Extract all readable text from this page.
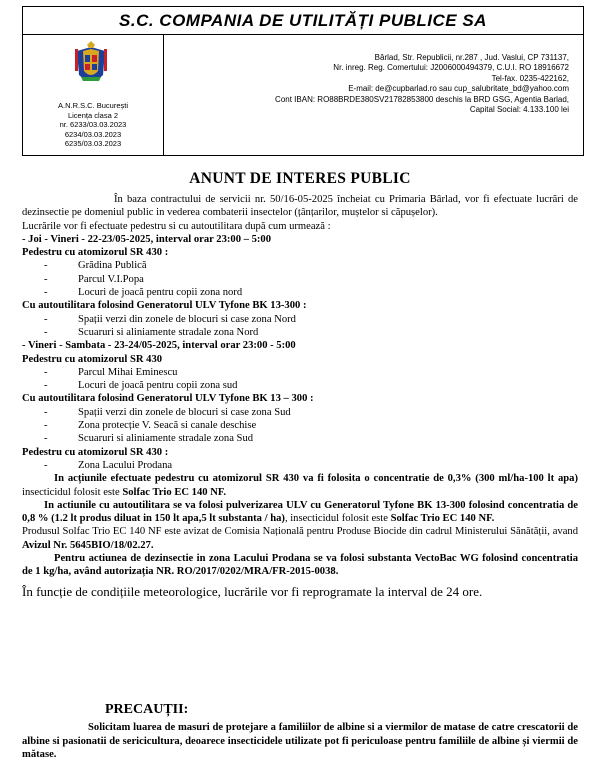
S.C. COMPANIA DE UTILITĂȚI PUBLICE SA
A.N.R.S.C. București
Licența clasa 2
nr. 6233/03.03.2023
6234/03.03.2023
6235/03.03.2023
Bârlad, Str. Republicii, nr.287 , Jud. Vaslui, CP 731137,
Nr. inreg. Reg. Comertului: J2006000494379, C.U.I. RO 18916672
Tel-fax. 0235-422162,
E-mail: de@cupbarlad.ro sau cup_salubritate_bd@yahoo.com
Cont IBAN: RO88BRDE380SV21782853800 deschis la BRD GSG, Agentia Barlad,
Capital Social: 4.133.100 lei
ANUNT DE INTERES PUBLIC

În baza contractului de servicii nr. 50/16-05-2025 încheiat cu Primaria Bârlad, vor fi efectuate lucrări de dezinsectie pe domeniul public in vederea combaterii insectelor (țânțarilor, muștelor si căpușelor).

Lucrările vor fi efectuate pedestru si cu autoutilitara după cum urmează :

- Joi - Vineri - 22-23/05-2025, interval orar 23:00 – 5:00

Pedestru cu atomizorul SR 430 :

-	Grădina Publică
-	Parcul V.I.Popa
-	Locuri de joacă pentru copii zona nord

Cu autoutilitara folosind Generatorul ULV Tyfone BK 13-300 :

-	Spații verzi din zonele de blocuri si case zona Nord
-	Scuaruri si aliniamente stradale zona Nord

- Vineri - Sambata - 23-24/05-2025, interval orar 23:00 - 5:00

Pedestru cu atomizorul SR 430

-	Parcul Mihai Eminescu
-	Locuri de joacă pentru copii zona sud

Cu autoutilitara folosind Generatorul ULV Tyfone BK 13 – 300 :

-	Spații verzi din zonele de blocuri si case zona Sud
-	Zona protecție V. Seacă si canale deschise
-	Scuaruri si aliniamente stradale zona Sud

Pedestru cu atomizorul SR 430 :

-	Zona Lacului Prodana

In acțiunile efectuate pedestru cu atomizorul SR 430 va fi folosita o concentratie de 0,3% (300 ml/ha-100 lt apa) insecticidul folosit este Solfac Trio EC 140 NF.

In actiunile cu autoutilitara se va folosi pulverizarea ULV cu Generatorul Tyfone BK 13-300 folosind concentratia de 0,8 % (1.2 lt produs diluat in 150 lt apa,5 lt substanta / ha), insecticidul folosit este Solfac Trio EC 140 NF.

Produsul Solfac Trio EC 140 NF este avizat de Comisia Națională pentru Produse Biocide din cadrul Ministerului Sănătății, avand Avizul Nr. 5645BIO/18/02.27.

Pentru actiunea de dezinsectie in zona Lacului Prodana se va folosi substanta VectoBac WG folosind concentratia de 1 kg/ha, având autorizația NR. RO/2017/0202/MRA/FR-2015-0038.

În funcție de condițiile meteorologice, lucrările vor fi reprogramate la interval de 24 ore.

PRECAUȚII:
Solicitam luarea de masuri de protejare a familiilor de albine si a viermilor de matase de catre crescatorii de albine si pasionatii de sericicultura, deoarece insecticidele utilizate pot fi periculoase pentru familiile de albine și viermii de mătase.
